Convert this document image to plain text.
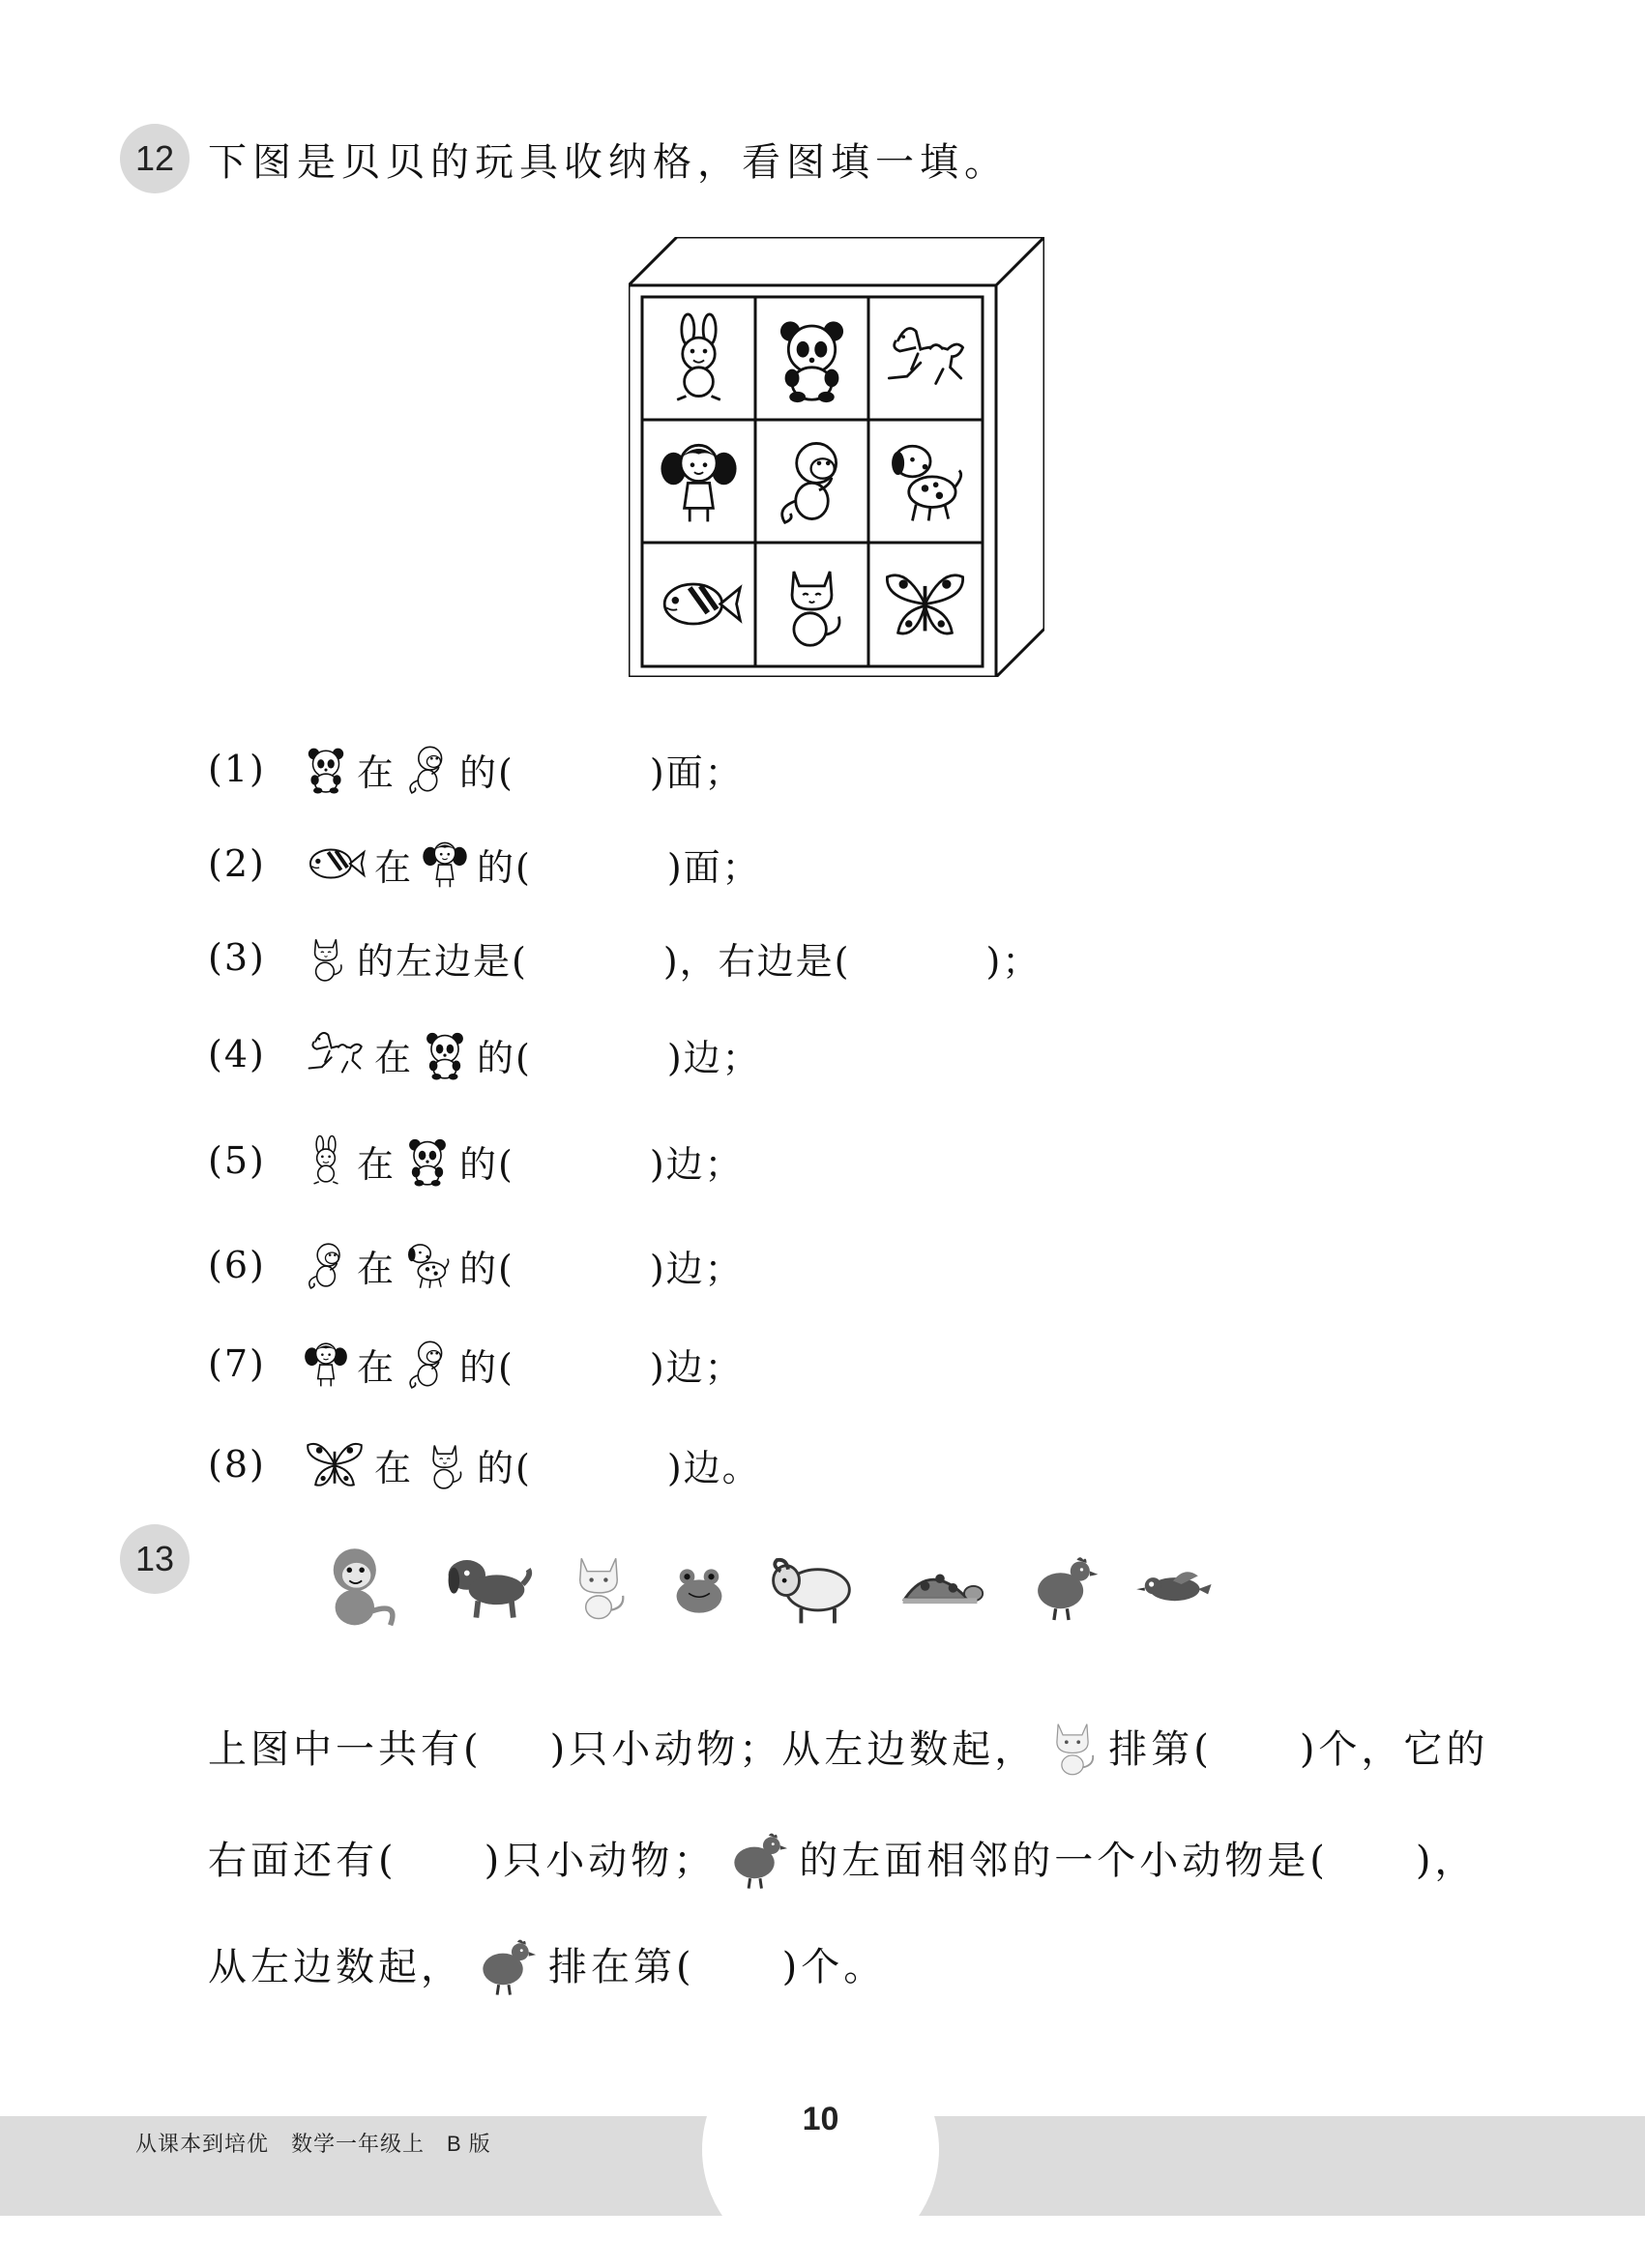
12 下图是贝贝的玩具收纳格，看图填一填。
(1)	在 的(	)面；
(2)	在 的(	)面；
(3)	的左边是(	)，右边是(	)；
(4)	在 的(	)边；
(5)	在 的(	)边；
(6)	在 的(	)边；
(7)	在 的(	)边；
(8)	在 的(	)边。
13
上图中一共有( )只小动物；从左边数起， 排第( )个，它的
右面还有( )只小动物； 的左面相邻的一个小动物是( )，
从左边数起， 排在第( )个。
从课本到培优　数学一年级上　B 版
10
